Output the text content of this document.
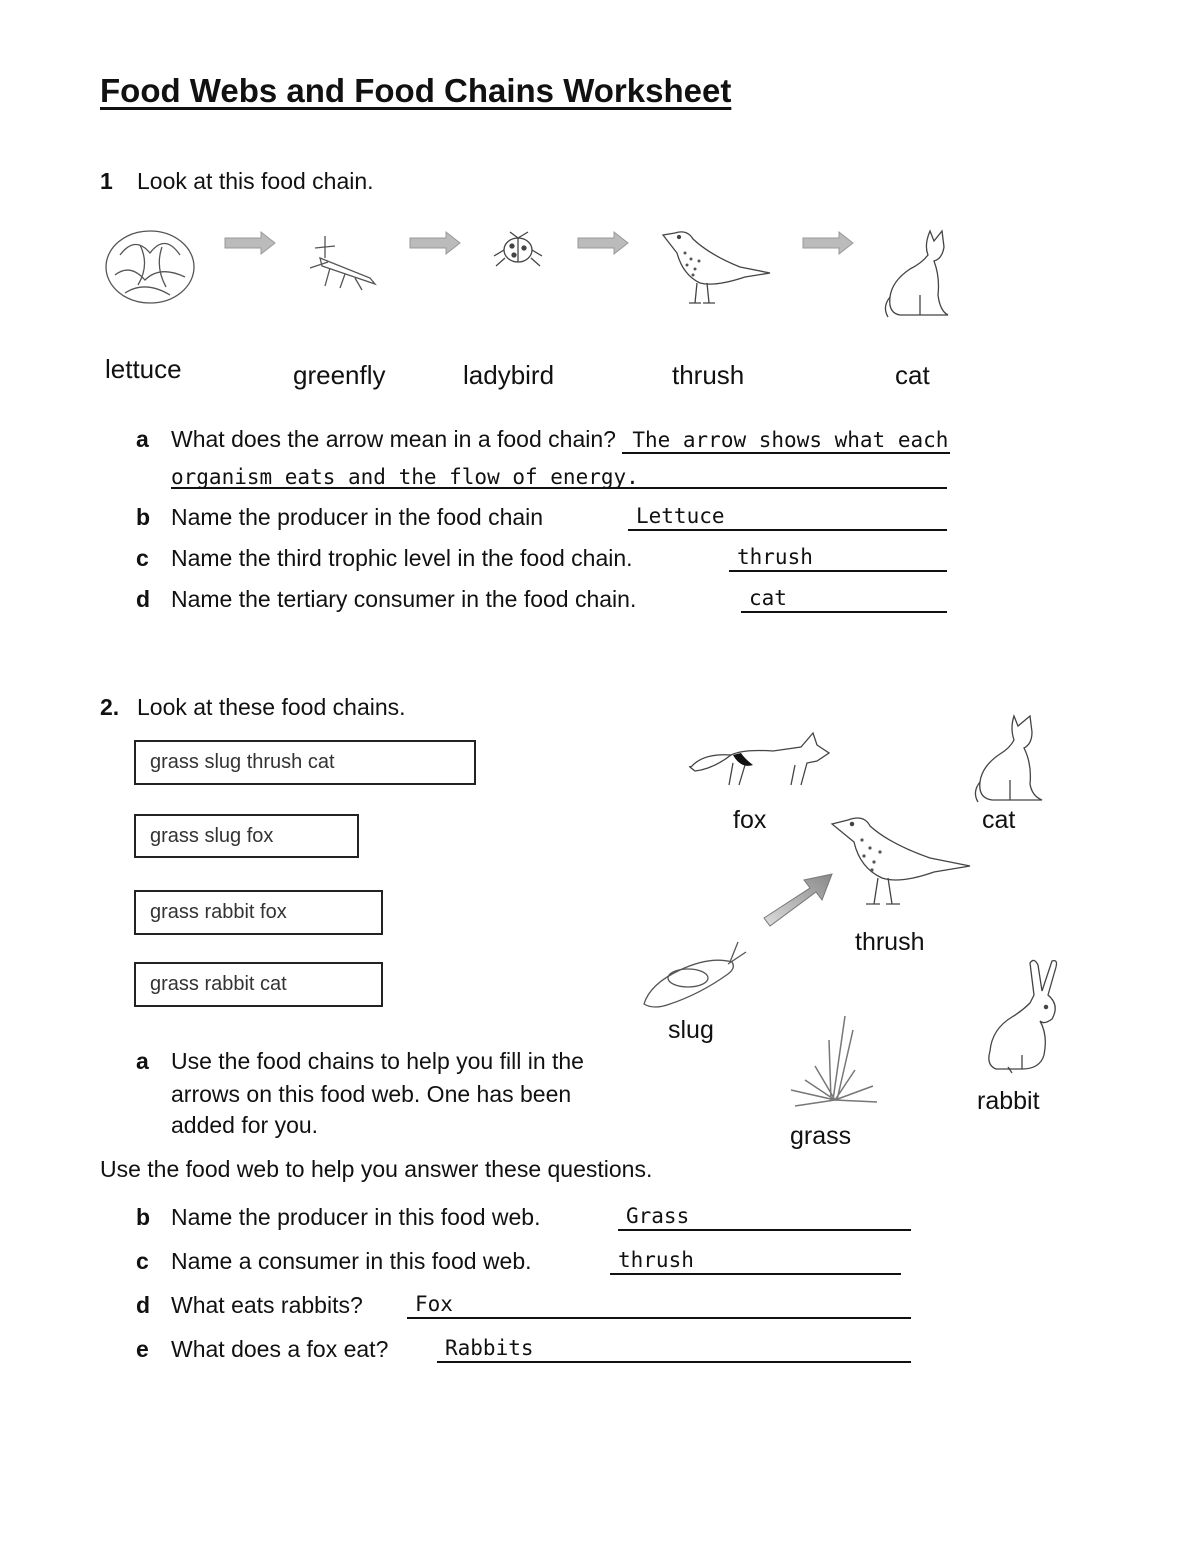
Food Webs and Food Chains Worksheet
1 Look at this food chain.
lettuce	greenfly	ladybird	thrush	cat
a What does the arrow mean in a food chain? The arrow shows what each
organism eats and the flow of energy.
b Name the producer in the food chain	Lettuce
c Name the third trophic level in the food chain.	thrush
d Name the tertiary consumer in the food chain.	cat
2. Look at these food chains.
grass slug thrush cat
grass slug fox
grass rabbit fox
grass rabbit cat
fox	cat
thrush
slug
grass
rabbit
a Use the food chains to help you fill in the
arrows on this food web. One has been
added for you.
Use the food web to help you answer these questions.
b Name the producer in this food web.	Grass
c Name a consumer in this food web.	thrush
d What eats rabbits?	Fox
e What does a fox eat?	Rabbits
